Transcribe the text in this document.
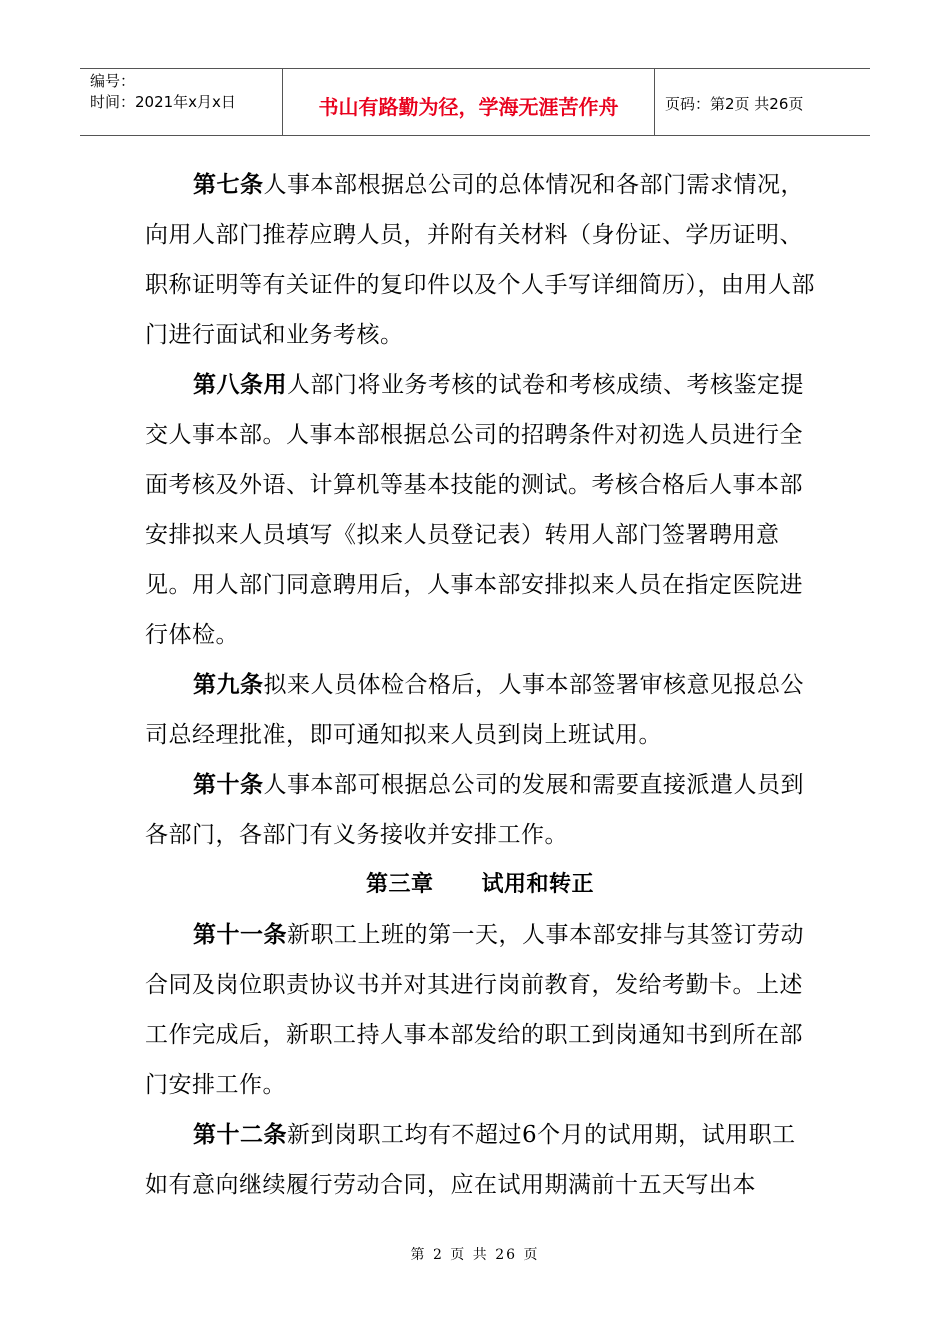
编号：
时间：2021年x月x日	书山有路勤为径，学海无涯苦作舟	页码：第2页 共26页

第七条人事本部根据总公司的总体情况和各部门需求情况，向用人部门推荐应聘人员，并附有关材料（身份证、学历证明、职称证明等有关证件的复印件以及个人手写详细简历），由用人部门进行面试和业务考核。

第八条用人部门将业务考核的试卷和考核成绩、考核鉴定提交人事本部。人事本部根据总公司的招聘条件对初选人员进行全面考核及外语、计算机等基本技能的测试。考核合格后人事本部安排拟来人员填写《拟来人员登记表）转用人部门签署聘用意见。用人部门同意聘用后，人事本部安排拟来人员在指定医院进行体检。

第九条拟来人员体检合格后，人事本部签署审核意见报总公司总经理批准，即可通知拟来人员到岗上班试用。

第十条人事本部可根据总公司的发展和需要直接派遣人员到各部门，各部门有义务接收并安排工作。

第三章 试用和转正

第十一条新职工上班的第一天，人事本部安排与其签订劳动合同及岗位职责协议书并对其进行岗前教育，发给考勤卡。上述工作完成后，新职工持人事本部发给的职工到岗通知书到所在部门安排工作。

第十二条新到岗职工均有不超过6个月的试用期，试用职工如有意向继续履行劳动合同，应在试用期满前十五天写出本

第 2 页 共 26 页
